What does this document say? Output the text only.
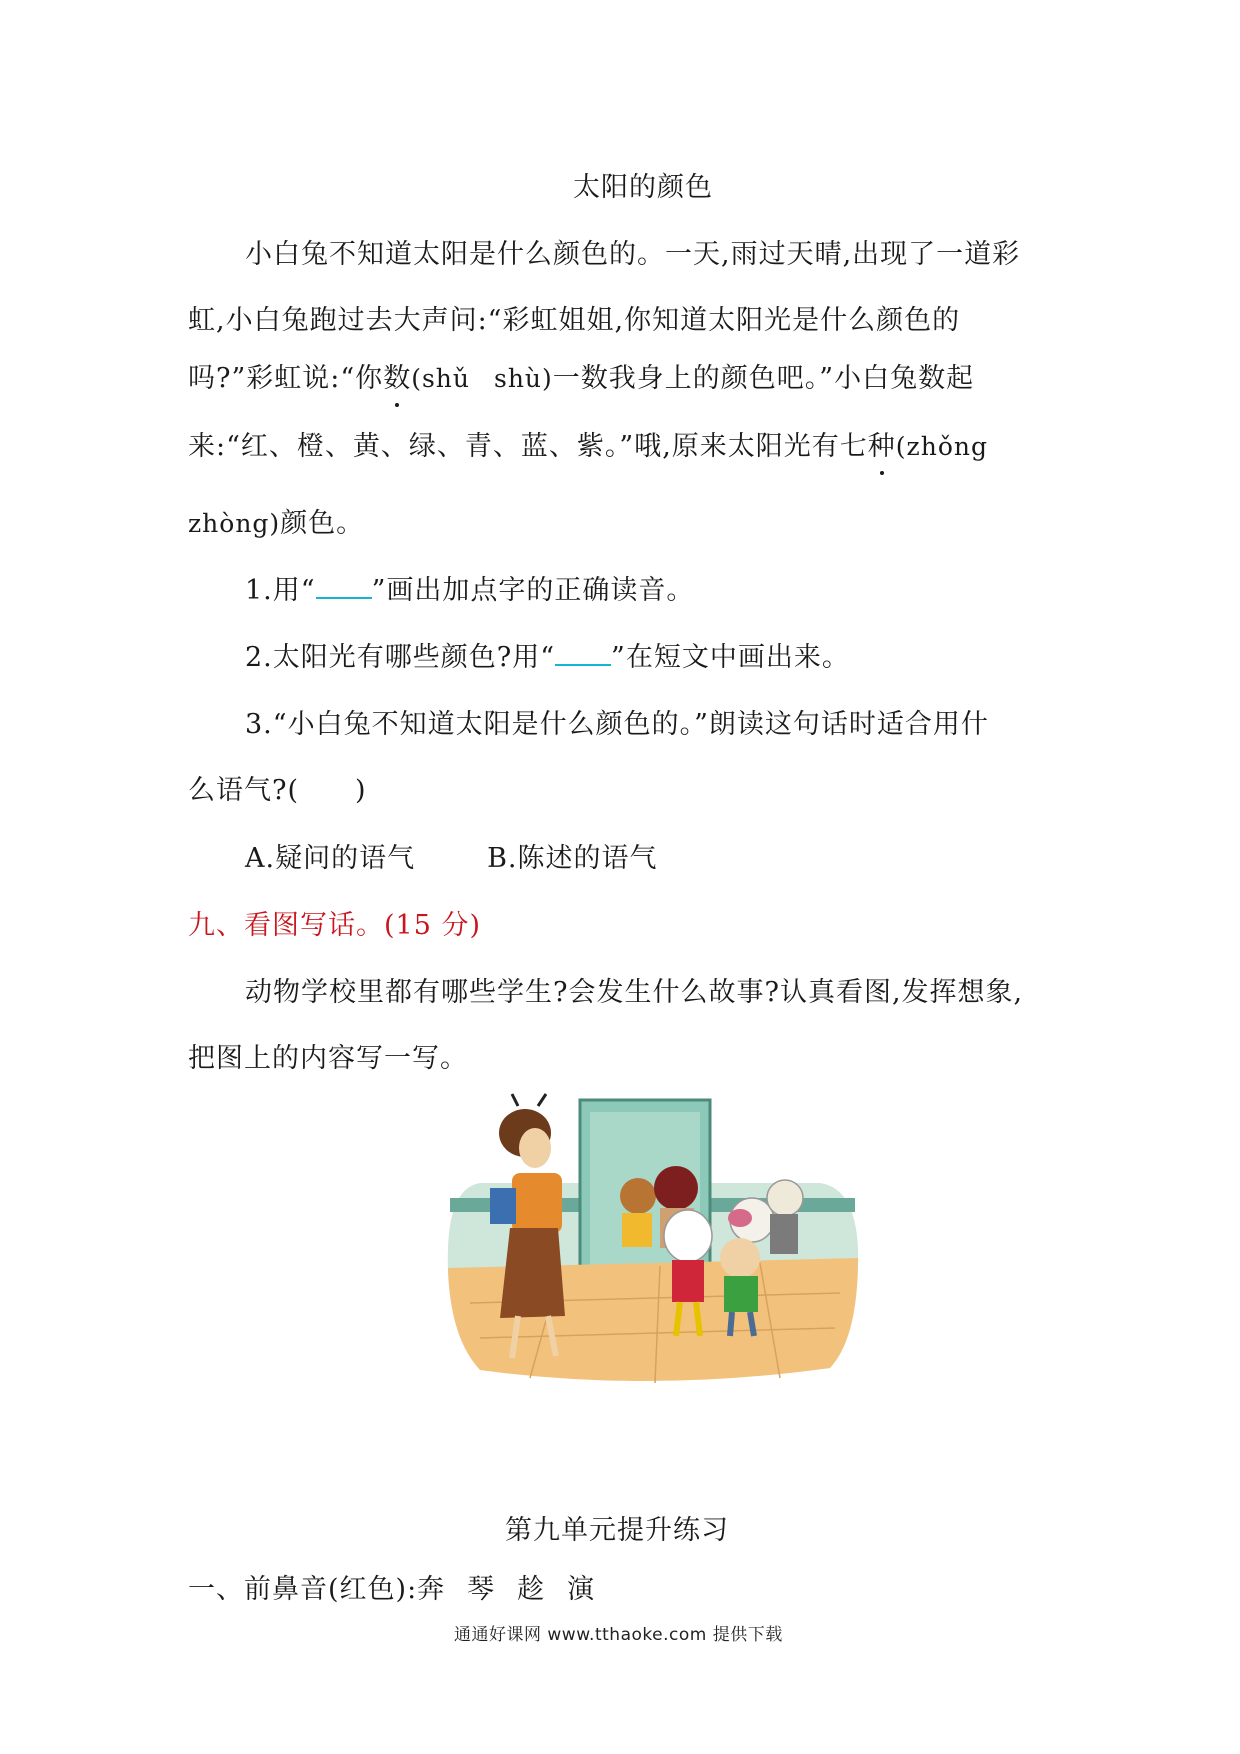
太阳的颜色
小白兔不知道太阳是什么颜色的。一天,雨过天晴,出现了一道彩
虹,小白兔跑过去大声问:“彩虹姐姐,你知道太阳光是什么颜色的
吗?”彩虹说:“你数(shǔ shù)一数我身上的颜色吧。”小白兔数起
来:“红、橙、黄、绿、青、蓝、紫。”哦,原来太阳光有七种(zhǒng
zhòng)颜色。
1.用“ ”画出加点字的正确读音。
2.太阳光有哪些颜色?用“ ”在短文中画出来。
3.“小白兔不知道太阳是什么颜色的。”朗读这句话时适合用什
么语气?(　　)
A.疑问的语气	B.陈述的语气
九、看图写话。(15 分)
动物学校里都有哪些学生?会发生什么故事?认真看图,发挥想象,
把图上的内容写一写。
第九单元提升练习
一、前鼻音(红色):奔 琴 趁 演
通通好课网 www.tthaoke.com 提供下载
